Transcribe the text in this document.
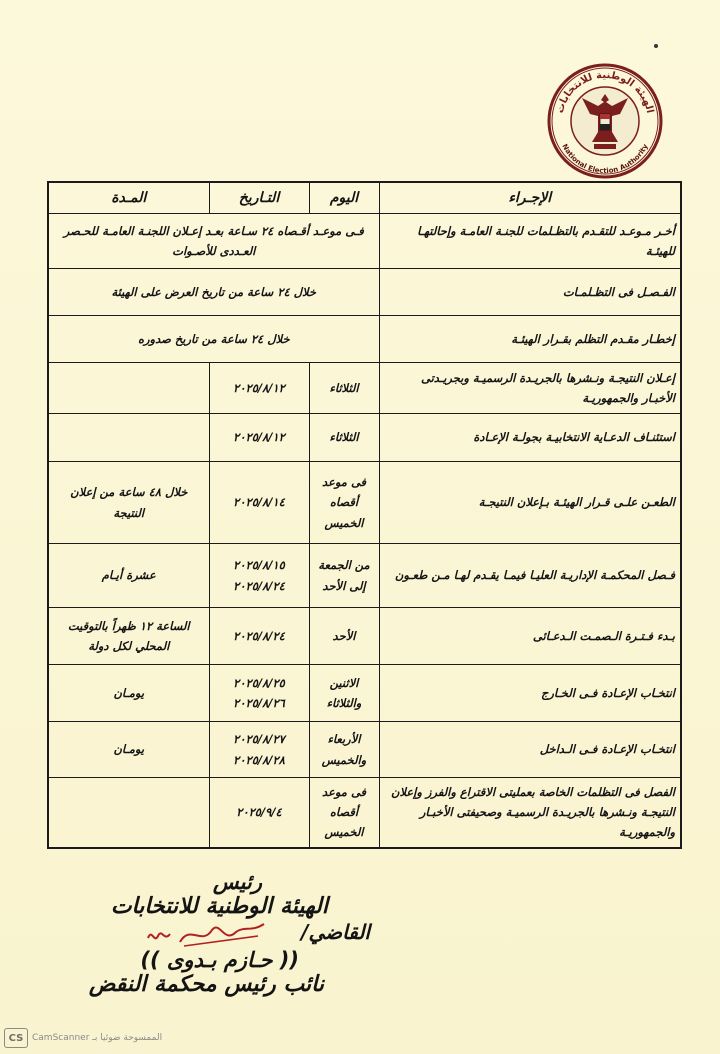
الهيئة الوطنية للانتخابات
National Election Authority
الإجـراء	اليوم	التـاريخ	المـدة
أخـر مـوعـد للتقـدم بالتظـلمات للجنـة العامـة وإحالتهـا للهيئـة	فـى موعـد أقـصاه ٢٤ سـاعة بعـد إعـلان اللجنـة العامـة للحـصر العـددى للأصـوات		
الفـصـل فى التظـلمـات	خلال ٢٤ ساعة من تاريخ العرض على الهيئة		
إخطـار مقـدم التظلم بقـرار الهيئـة	خلال ٢٤ ساعة من تاريخ صدوره		
إعـلان النتيجـة ونـشرها بالجريـدة الرسميـة وبجريـدتى الأخبـار والجمهوريـة	الثلاثاء	٢٠٢٥/٨/١٢	
استئنـاف الدعـاية الانتخابيـة بجولـة الإعـادة	الثلاثاء	٢٠٢٥/٨/١٢	
الطعـن علـى قـرار الهيئـة بـإعلان النتيجـة	فى موعد أقصاه الخميس	٢٠٢٥/٨/١٤	خلال ٤٨ ساعة من إعلان النتيجة
فـصل المحكمـة الإداريـة العليـا فيمـا يقـدم لهـا مـن طعـون	من الجمعة إلى الأحد	٢٠٢٥/٨/١٥ ٢٠٢٥/٨/٢٤	عشرة أيـام
بـدء فـتـرة الـصمـت الـدعـائى	الأحد	٢٠٢٥/٨/٢٤	الساعة ١٢ ظهراً بالتوقيت المحلي لكل دولة
انتخـاب الإعـادة فـى الخـارج	الاثنين والثلاثاء	٢٠٢٥/٨/٢٥ ٢٠٢٥/٨/٢٦	يومـان
انتخـاب الإعـادة فـى الـداخل	الأربعاء والخميس	٢٠٢٥/٨/٢٧ ٢٠٢٥/٨/٢٨	يومـان
الفصل فى التظلمات الخاصة بعمليتى الاقتراع والفرز وإعلان النتيجـة ونـشرها بالجريـدة الرسميـة وصحيفتى الأخبـار والجمهوريـة	فى موعد أقصاه الخميس	٢٠٢٥/٩/٤	
رئيس
الهيئة الوطنية للانتخابات
القاضي/
(( حـازم بـدوى ))
نائب رئيس محكمة النقض
CS الممسوحة ضوئيا بـ CamScanner
